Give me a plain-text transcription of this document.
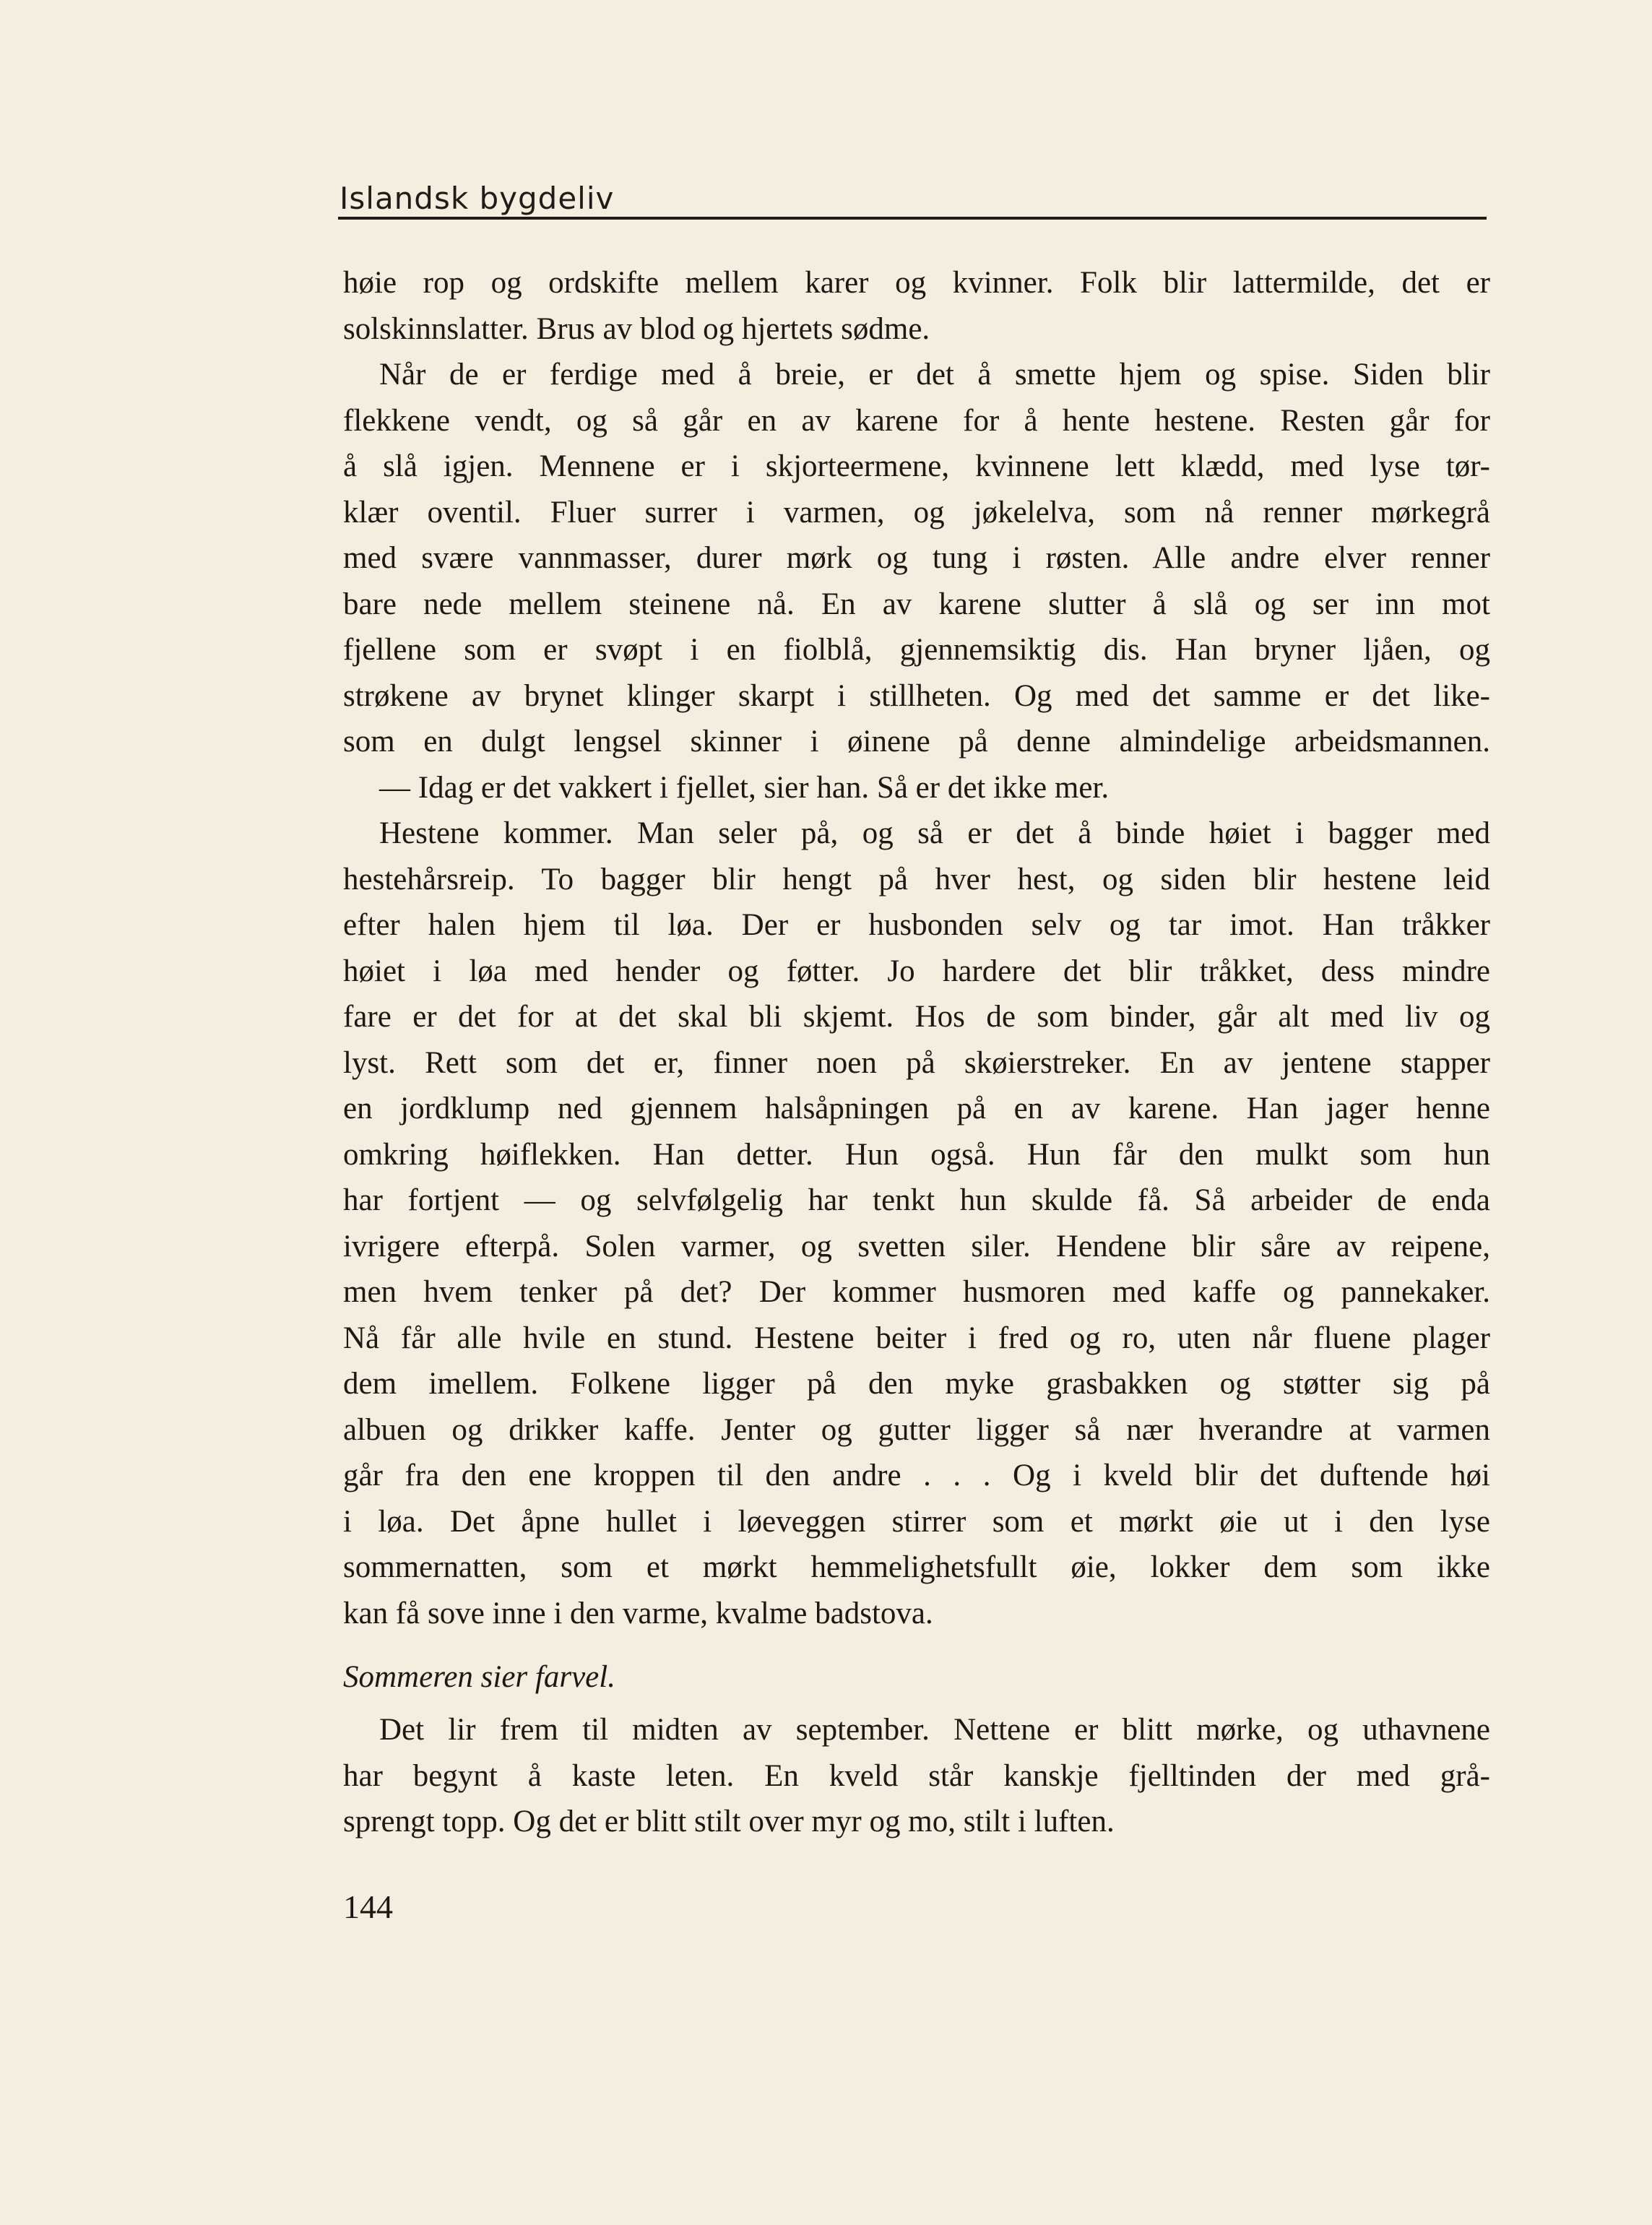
Islandsk bygdeliv
høie rop og ordskifte mellem karer og kvinner. Folk blir lattermilde, det er
solskinnslatter. Brus av blod og hjertets sødme.
Når de er ferdige med å breie, er det å smette hjem og spise. Siden blir
flekkene vendt, og så går en av karene for å hente hestene. Resten går for
å slå igjen. Mennene er i skjorteermene, kvinnene lett klædd, med lyse tør-
klær oventil. Fluer surrer i varmen, og jøkelelva, som nå renner mørkegrå
med svære vannmasser, durer mørk og tung i røsten. Alle andre elver renner
bare nede mellem steinene nå. En av karene slutter å slå og ser inn mot
fjellene som er svøpt i en fiolblå, gjennemsiktig dis. Han bryner ljåen, og
strøkene av brynet klinger skarpt i stillheten. Og med det samme er det like-
som en dulgt lengsel skinner i øinene på denne almindelige arbeidsmannen.
— Idag er det vakkert i fjellet, sier han. Så er det ikke mer.
Hestene kommer. Man seler på, og så er det å binde høiet i bagger med
hestehårsreip. To bagger blir hengt på hver hest, og siden blir hestene leid
efter halen hjem til løa. Der er husbonden selv og tar imot. Han tråkker
høiet i løa med hender og føtter. Jo hardere det blir tråkket, dess mindre
fare er det for at det skal bli skjemt. Hos de som binder, går alt med liv og
lyst. Rett som det er, finner noen på skøierstreker. En av jentene stapper
en jordklump ned gjennem halsåpningen på en av karene. Han jager henne
omkring høiflekken. Han detter. Hun også. Hun får den mulkt som hun
har fortjent — og selvfølgelig har tenkt hun skulde få. Så arbeider de enda
ivrigere efterpå. Solen varmer, og svetten siler. Hendene blir såre av reipene,
men hvem tenker på det? Der kommer husmoren med kaffe og pannekaker.
Nå får alle hvile en stund. Hestene beiter i fred og ro, uten når fluene plager
dem imellem. Folkene ligger på den myke grasbakken og støtter sig på
albuen og drikker kaffe. Jenter og gutter ligger så nær hverandre at varmen
går fra den ene kroppen til den andre . . . Og i kveld blir det duftende høi
i løa. Det åpne hullet i løeveggen stirrer som et mørkt øie ut i den lyse
sommernatten, som et mørkt hemmelighetsfullt øie, lokker dem som ikke
kan få sove inne i den varme, kvalme badstova.
Sommeren sier farvel.
Det lir frem til midten av september. Nettene er blitt mørke, og uthavnene
har begynt å kaste leten. En kveld står kanskje fjelltinden der med grå-
sprengt topp. Og det er blitt stilt over myr og mo, stilt i luften.
144
